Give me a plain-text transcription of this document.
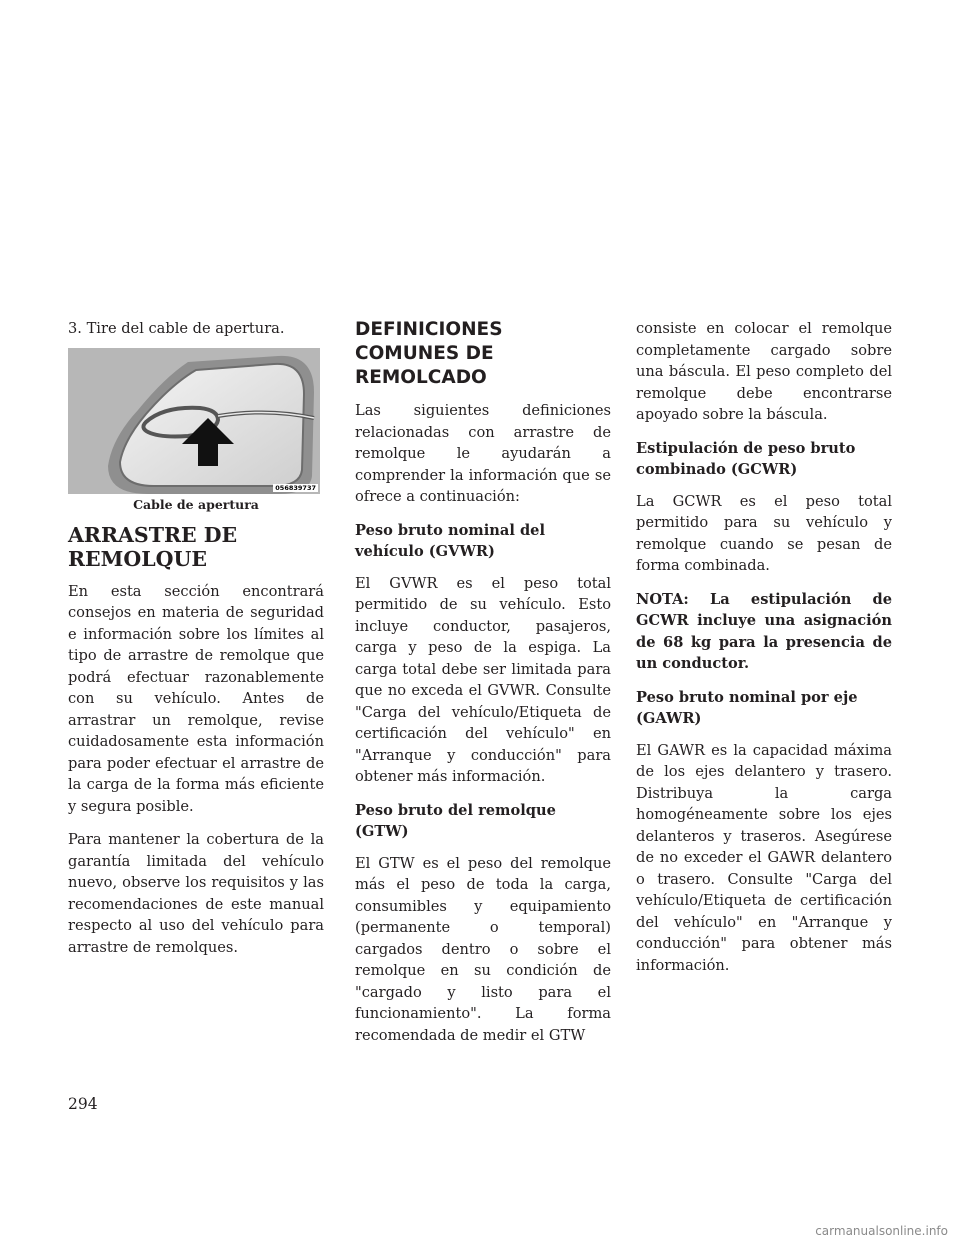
3. Tire del cable de apertura.

056839737
Cable de apertura
ARRASTRE DE REMOLQUE

En esta sección encontrará consejos en materia de seguridad e información sobre los límites al tipo de arrastre de remolque que podrá efectuar razonablemente con su vehículo. Antes de arrastrar un remolque, revise cuidadosamente esta información para poder efectuar el arrastre de la carga de la forma más eficiente y segura posible.

Para mantener la cobertura de la garantía limitada del vehículo nuevo, observe los requisitos y las recomendaciones de este manual respecto al uso del vehículo para arrastre de remolques.

DEFINICIONES COMUNES DE REMOLCADO

Las siguientes definiciones relacionadas con arrastre de remolque le ayudarán a comprender la información que se ofrece a continuación:

Peso bruto nominal del vehículo (GVWR)

El GVWR es el peso total permitido de su vehículo. Esto incluye conductor, pasajeros, carga y peso de la espiga. La carga total debe ser limitada para que no exceda el GVWR. Consulte "Carga del vehículo/Etiqueta de certificación del vehículo" en "Arranque y conducción" para obtener más información.

Peso bruto del remolque (GTW)

El GTW es el peso del remolque más el peso de toda la carga, consumibles y equipamiento (permanente o temporal) cargados dentro o sobre el remolque en su condición de "cargado y listo para el funcionamiento". La forma recomendada de medir el GTW

consiste en colocar el remolque completamente cargado sobre una báscula. El peso completo del remolque debe encontrarse apoyado sobre la báscula.

Estipulación de peso bruto combinado (GCWR)

La GCWR es el peso total permitido para su vehículo y remolque cuando se pesan de forma combinada.

NOTA: La estipulación de GCWR incluye una asignación de 68 kg para la presencia de un conductor.

Peso bruto nominal por eje (GAWR)

El GAWR es la capacidad máxima de los ejes delantero y trasero. Distribuya la carga homogéneamente sobre los ejes delanteros y traseros. Asegúrese de no exceder el GAWR delantero o trasero. Consulte "Carga del vehículo/Etiqueta de certificación del vehículo" en "Arranque y conducción" para obtener más información.

294
carmanualsonline.info
